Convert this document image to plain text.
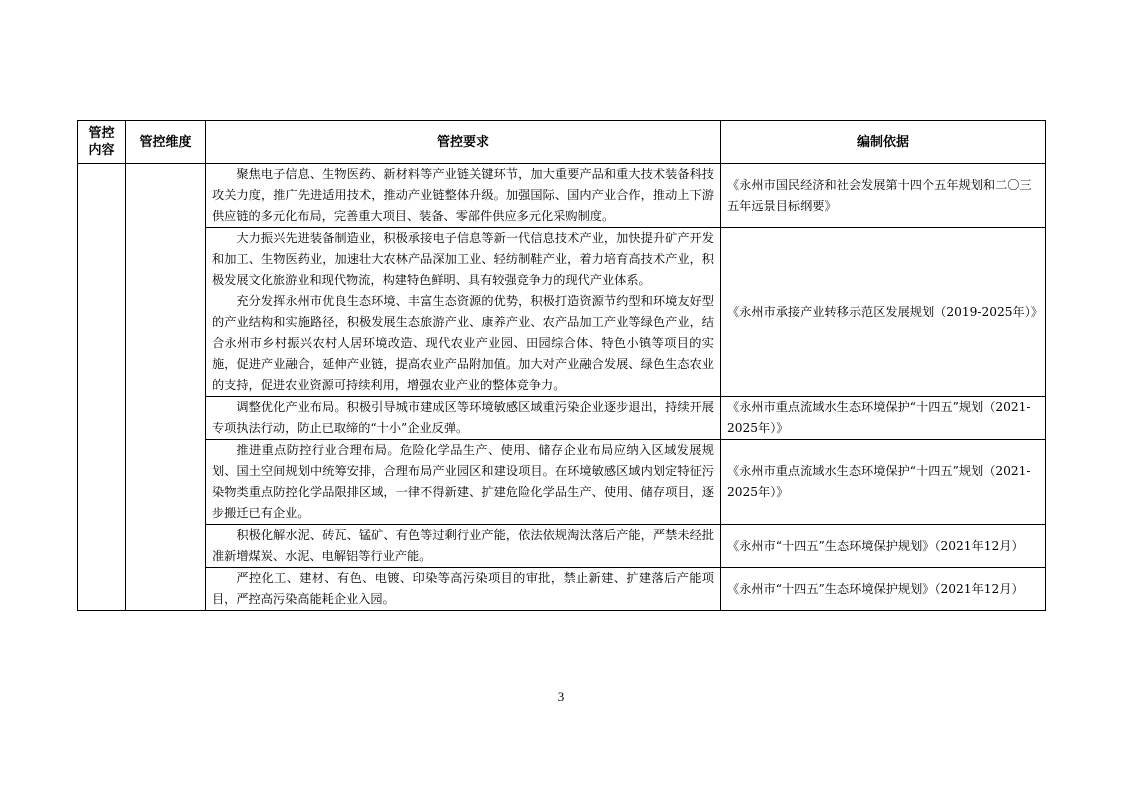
管控内容	管控维度	管控要求	编制依据

		聚焦电子信息、生物医药、新材料等产业链关键环节，加大重要产品和重大技术装备科技攻关力度，推广先进适用技术，推动产业链整体升级。加强国际、国内产业合作，推动上下游供应链的多元化布局，完善重大项目、装备、零部件供应多元化采购制度。	《永州市国民经济和社会发展第十四个五年规划和二〇三五年远景目标纲要》

		大力振兴先进装备制造业，积极承接电子信息等新一代信息技术产业，加快提升矿产开发和加工、生物医药业，加速壮大农林产品深加工业、轻纺制鞋产业，着力培育高技术产业，积极发展文化旅游业和现代物流，构建特色鲜明、具有较强竞争力的现代产业体系。

充分发挥永州市优良生态环境、丰富生态资源的优势，积极打造资源节约型和环境友好型的产业结构和实施路径，积极发展生态旅游产业、康养产业、农产品加工产业等绿色产业，结合永州市乡村振兴农村人居环境改造、现代农业产业园、田园综合体、特色小镇等项目的实施，促进产业融合，延伸产业链，提高农业产品附加值。加大对产业融合发展、绿色生态农业的支持，促进农业资源可持续利用，增强农业产业的整体竞争力。	《永州市承接产业转移示范区发展规划（2019-2025年）》

		调整优化产业布局。积极引导城市建成区等环境敏感区域重污染企业逐步退出，持续开展专项执法行动，防止已取缔的“十小”企业反弹。	《永州市重点流域水生态环境保护“十四五”规划（2021-2025年）》

		推进重点防控行业合理布局。危险化学品生产、使用、储存企业布局应纳入区域发展规划、国土空间规划中统筹安排，合理布局产业园区和建设项目。在环境敏感区域内划定特征污染物类重点防控化学品限排区域，一律不得新建、扩建危险化学品生产、使用、储存项目，逐步搬迁已有企业。	《永州市重点流域水生态环境保护“十四五”规划（2021-2025年）》

		积极化解水泥、砖瓦、锰矿、有色等过剩行业产能，依法依规淘汰落后产能，严禁未经批准新增煤炭、水泥、电解铝等行业产能。	《永州市“十四五”生态环境保护规划》（2021年12月）

		严控化工、建材、有色、电镀、印染等高污染项目的审批，禁止新建、扩建落后产能项目，严控高污染高能耗企业入园。	《永州市“十四五”生态环境保护规划》（2021年12月）

3
